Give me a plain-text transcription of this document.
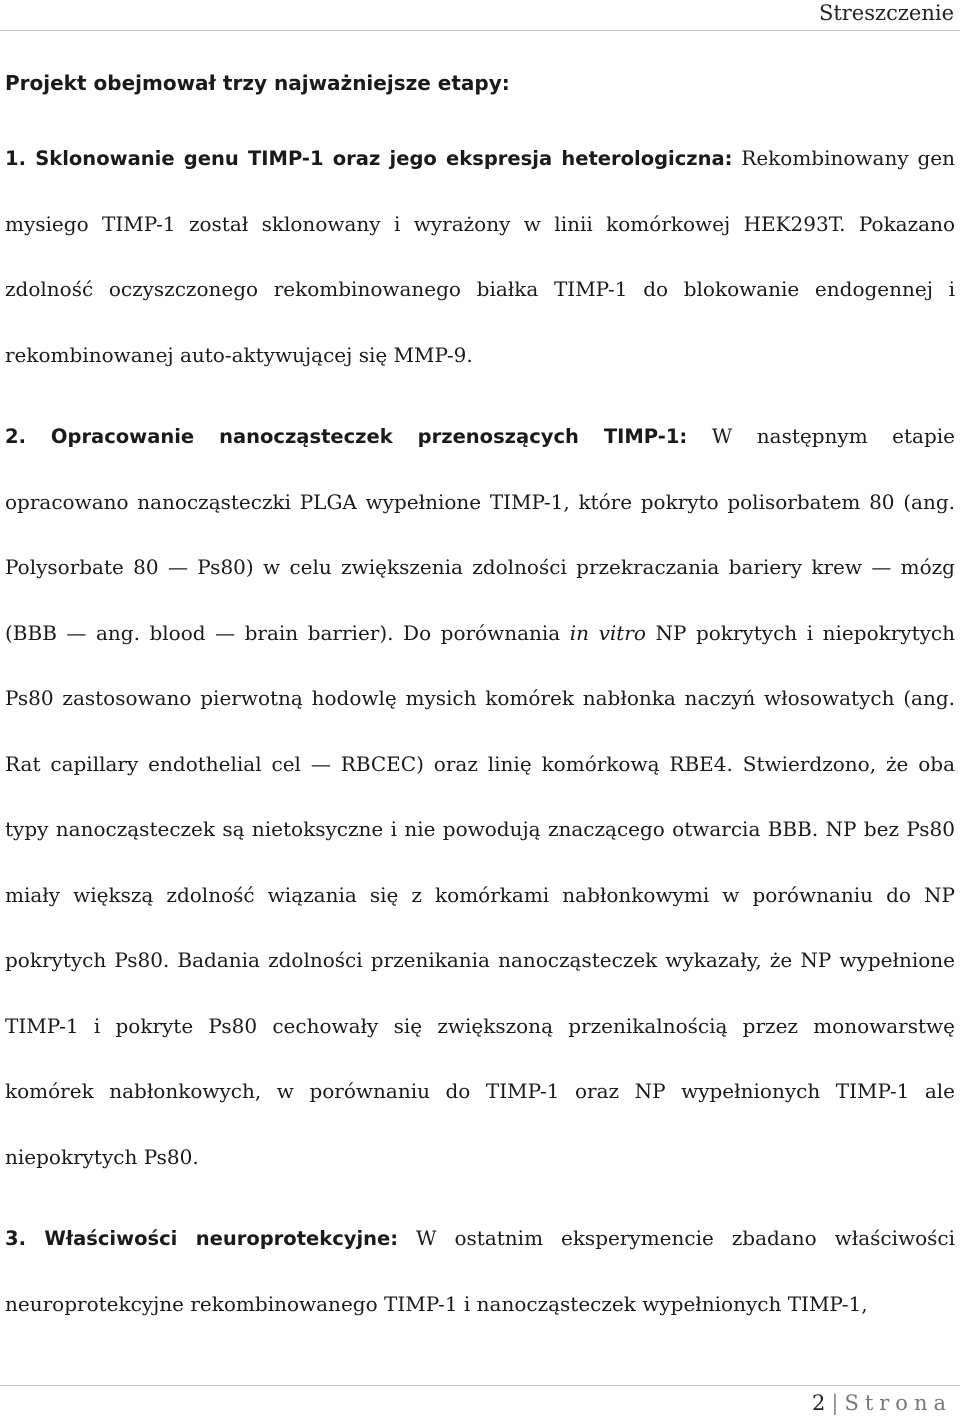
Streszczenie

Projekt obejmował trzy najważniejsze etapy:

1. Sklonowanie genu TIMP-1 oraz jego ekspresja heterologiczna: Rekombinowany gen mysiego TIMP-1 został sklonowany i wyrażony w linii komórkowej HEK293T. Pokazano zdolność oczyszczonego rekombinowanego białka TIMP-1 do blokowanie endogennej i rekombinowanej auto-aktywującej się MMP-9.

2. Opracowanie nanocząsteczek przenoszących TIMP-1: W następnym etapie opracowano nanocząsteczki PLGA wypełnione TIMP-1, które pokryto polisorbatem 80 (ang. Polysorbate 80 — Ps80) w celu zwiększenia zdolności przekraczania bariery krew — mózg (BBB — ang. blood — brain barrier). Do porównania in vitro NP pokrytych i niepokrytych Ps80 zastosowano pierwotną hodowlę mysich komórek nabłonka naczyń włosowatych (ang. Rat capillary endothelial cel — RBCEC) oraz linię komórkową RBE4. Stwierdzono, że oba typy nanocząsteczek są nietoksyczne i nie powodują znaczącego otwarcia BBB. NP bez Ps80 miały większą zdolność wiązania się z komórkami nabłonkowymi w porównaniu do NP pokrytych Ps80. Badania zdolności przenikania nanocząsteczek wykazały, że NP wypełnione TIMP-1 i pokryte Ps80 cechowały się zwiększoną przenikalnością przez monowarstwę komórek nabłonkowych, w porównaniu do TIMP-1 oraz NP wypełnionych TIMP-1 ale niepokrytych Ps80.

3. Właściwości neuroprotekcyjne: W ostatnim eksperymencie zbadano właściwości neuroprotekcyjne rekombinowanego TIMP-1 i nanocząsteczek wypełnionych TIMP-1,

2 | Strona
